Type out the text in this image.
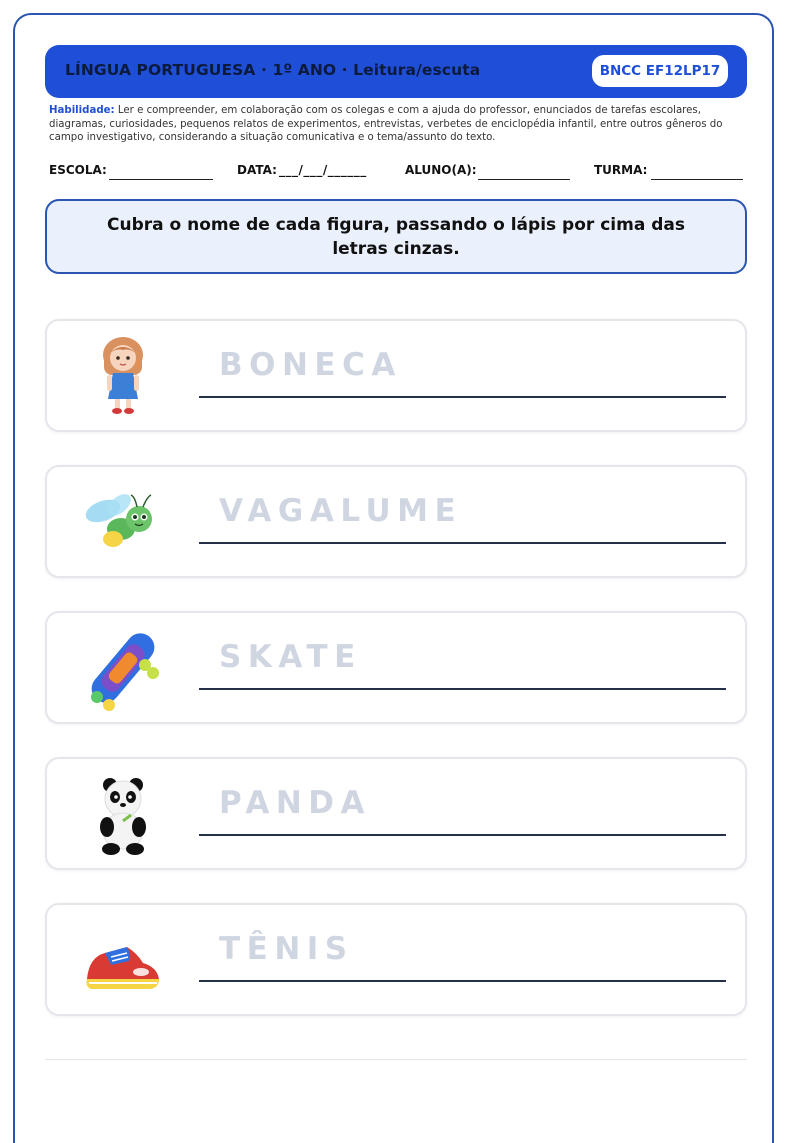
LÍNGUA PORTUGUESA · 1º ANO · Leitura/escuta	BNCC EF12LP17
Habilidade: Ler e compreender, em colaboração com os colegas e com a ajuda do professor, enunciados de tarefas escolares, diagramas, curiosidades, pequenos relatos de experimentos, entrevistas, verbetes de enciclopédia infantil, entre outros gêneros do campo investigativo, considerando a situação comunicativa e o tema/assunto do texto.
ESCOLA:	DATA: ___/___/______	ALUNO(A):	TURMA:
Cubra o nome de cada figura, passando o lápis por cima das letras cinzas.
BONECA
VAGALUME
SKATE
PANDA
TÊNIS
